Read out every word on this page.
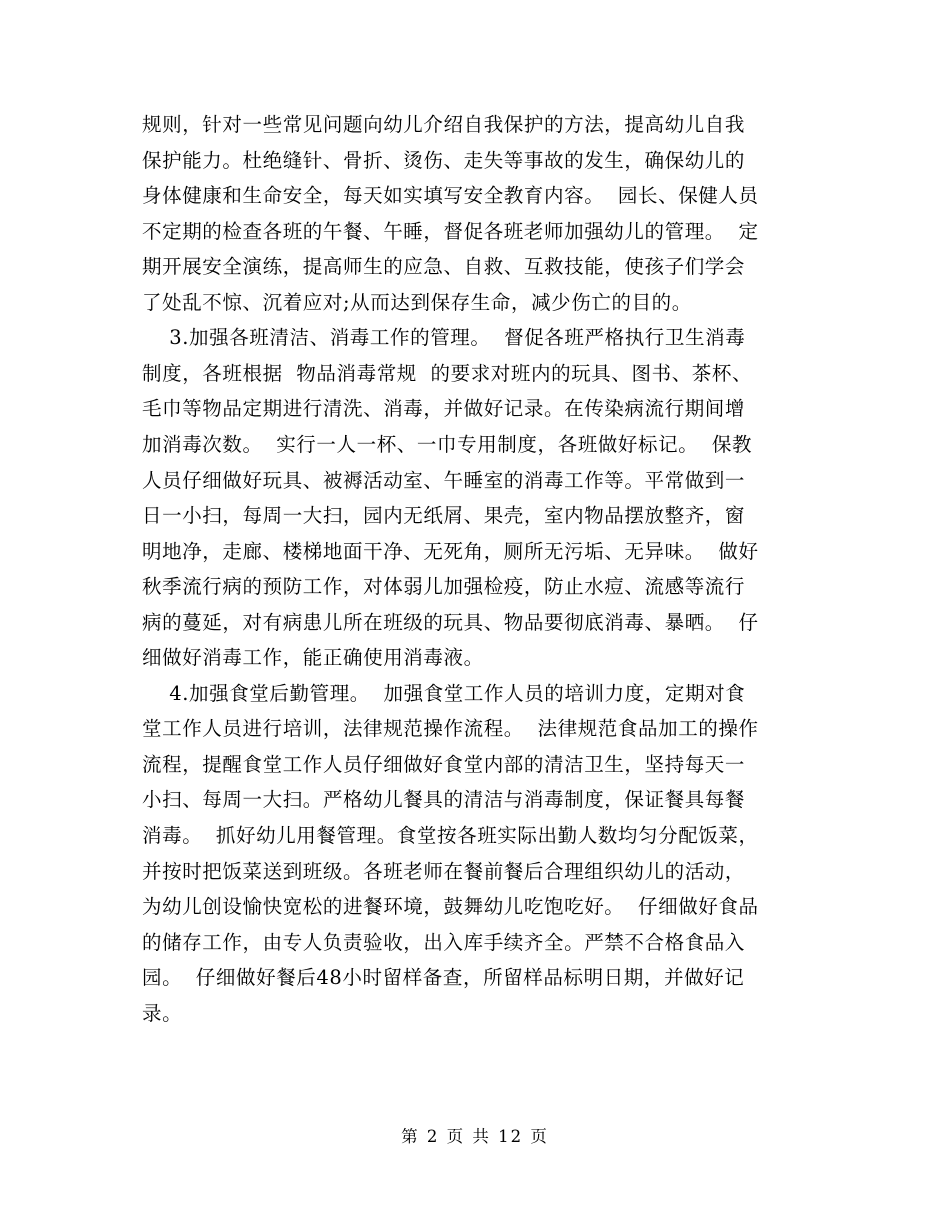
规则，针对一些常见问题向幼儿介绍自我保护的方法，提高幼儿自我
保护能力。杜绝缝针、骨折、烫伤、走失等事故的发生，确保幼儿的
身体健康和生命安全，每天如实填写安全教育内容。  园长、保健人员
不定期的检查各班的午餐、午睡，督促各班老师加强幼儿的管理。  定
期开展安全演练，提高师生的应急、自救、互救技能，使孩子们学会
了处乱不惊、沉着应对;从而达到保存生命，减少伤亡的目的。
3.加强各班清洁、消毒工作的管理。  督促各班严格执行卫生消毒
制度，各班根据  物品消毒常规  的要求对班内的玩具、图书、茶杯、
毛巾等物品定期进行清洗、消毒，并做好记录。在传染病流行期间增
加消毒次数。  实行一人一杯、一巾专用制度，各班做好标记。  保教
人员仔细做好玩具、被褥活动室、午睡室的消毒工作等。平常做到一
日一小扫，每周一大扫，园内无纸屑、果壳，室内物品摆放整齐，窗
明地净，走廊、楼梯地面干净、无死角，厕所无污垢、无异味。  做好
秋季流行病的预防工作，对体弱儿加强检疫，防止水痘、流感等流行
病的蔓延，对有病患儿所在班级的玩具、物品要彻底消毒、暴晒。  仔
细做好消毒工作，能正确使用消毒液。
4.加强食堂后勤管理。  加强食堂工作人员的培训力度，定期对食
堂工作人员进行培训，法律规范操作流程。  法律规范食品加工的操作
流程，提醒食堂工作人员仔细做好食堂内部的清洁卫生，坚持每天一
小扫、每周一大扫。严格幼儿餐具的清洁与消毒制度，保证餐具每餐
消毒。  抓好幼儿用餐管理。食堂按各班实际出勤人数均匀分配饭菜，
并按时把饭菜送到班级。各班老师在餐前餐后合理组织幼儿的活动，
为幼儿创设愉快宽松的进餐环境，鼓舞幼儿吃饱吃好。  仔细做好食品
的储存工作，由专人负责验收，出入库手续齐全。严禁不合格食品入
园。  仔细做好餐后48小时留样备查，所留样品标明日期，并做好记
录。
第 2 页 共 12 页
